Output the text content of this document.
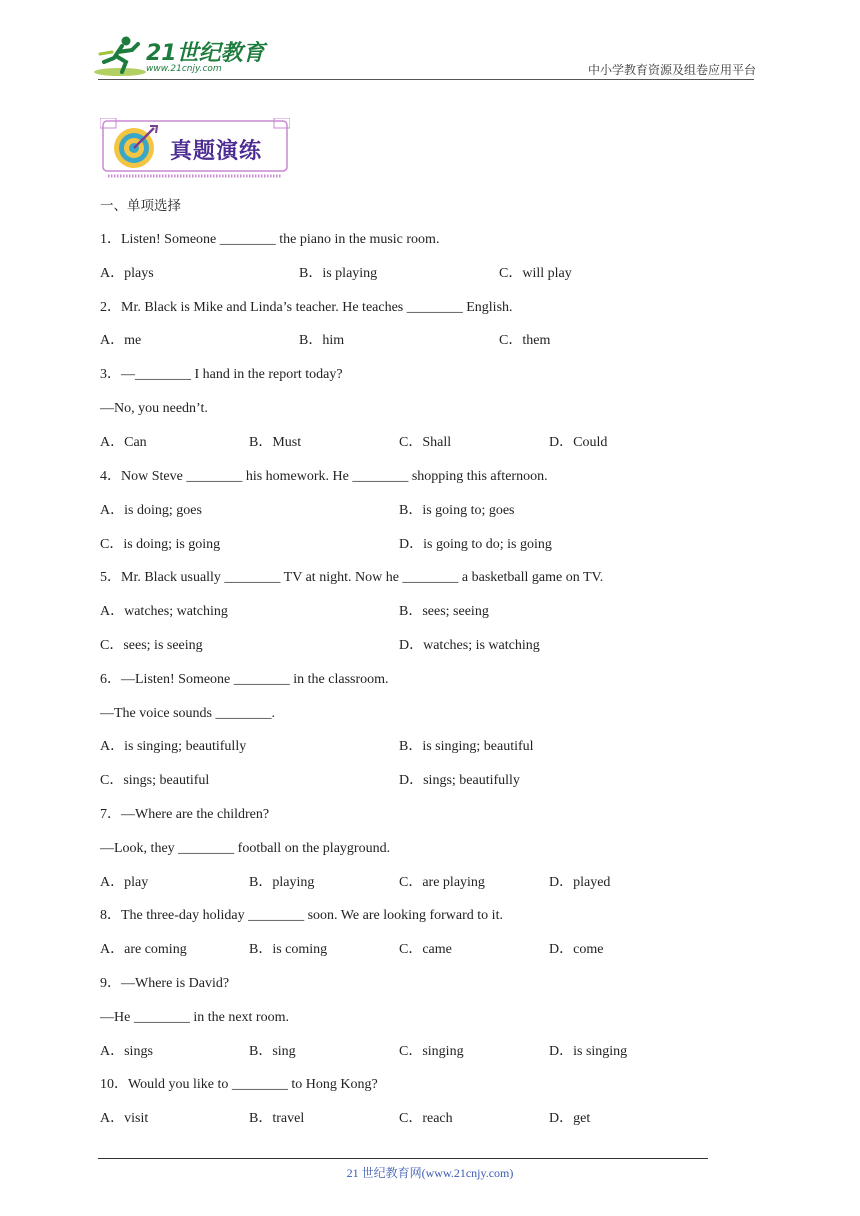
21世纪教育
www.21cnjy.com	中小学教育资源及组卷应用平台
真题演练
一、单项选择
1．Listen! Someone ________ the piano in the music room.
A．plays	B．is playing	C．will play
2．Mr. Black is Mike and Linda’s teacher. He teaches ________ English.
A．me	B．him	C．them
3．—________ I hand in the report today?
—No, you needn’t.
A．Can	B．Must	C．Shall	D．Could
4．Now Steve ________ his homework. He ________ shopping this afternoon.
A．is doing; goes	B．is going to; goes
C．is doing; is going	D．is going to do; is going
5．Mr. Black usually ________ TV at night. Now he ________ a basketball game on TV.
A．watches; watching	B．sees; seeing
C．sees; is seeing	D．watches; is watching
6．—Listen! Someone ________ in the classroom.
—The voice sounds ________.
A．is singing; beautifully	B．is singing; beautiful
C．sings; beautiful	D．sings; beautifully
7．—Where are the children?
—Look, they ________ football on the playground.
A．play	B．playing	C．are playing	D．played
8．The three-day holiday ________ soon. We are looking forward to it.
A．are coming	B．is coming	C．came	D．come
9．—Where is David?
—He ________ in the next room.
A．sings	B．sing	C．singing	D．is singing
10．Would you like to ________ to Hong Kong?
A．visit	B．travel	C．reach	D．get
21 世纪教育网(www.21cnjy.com)
